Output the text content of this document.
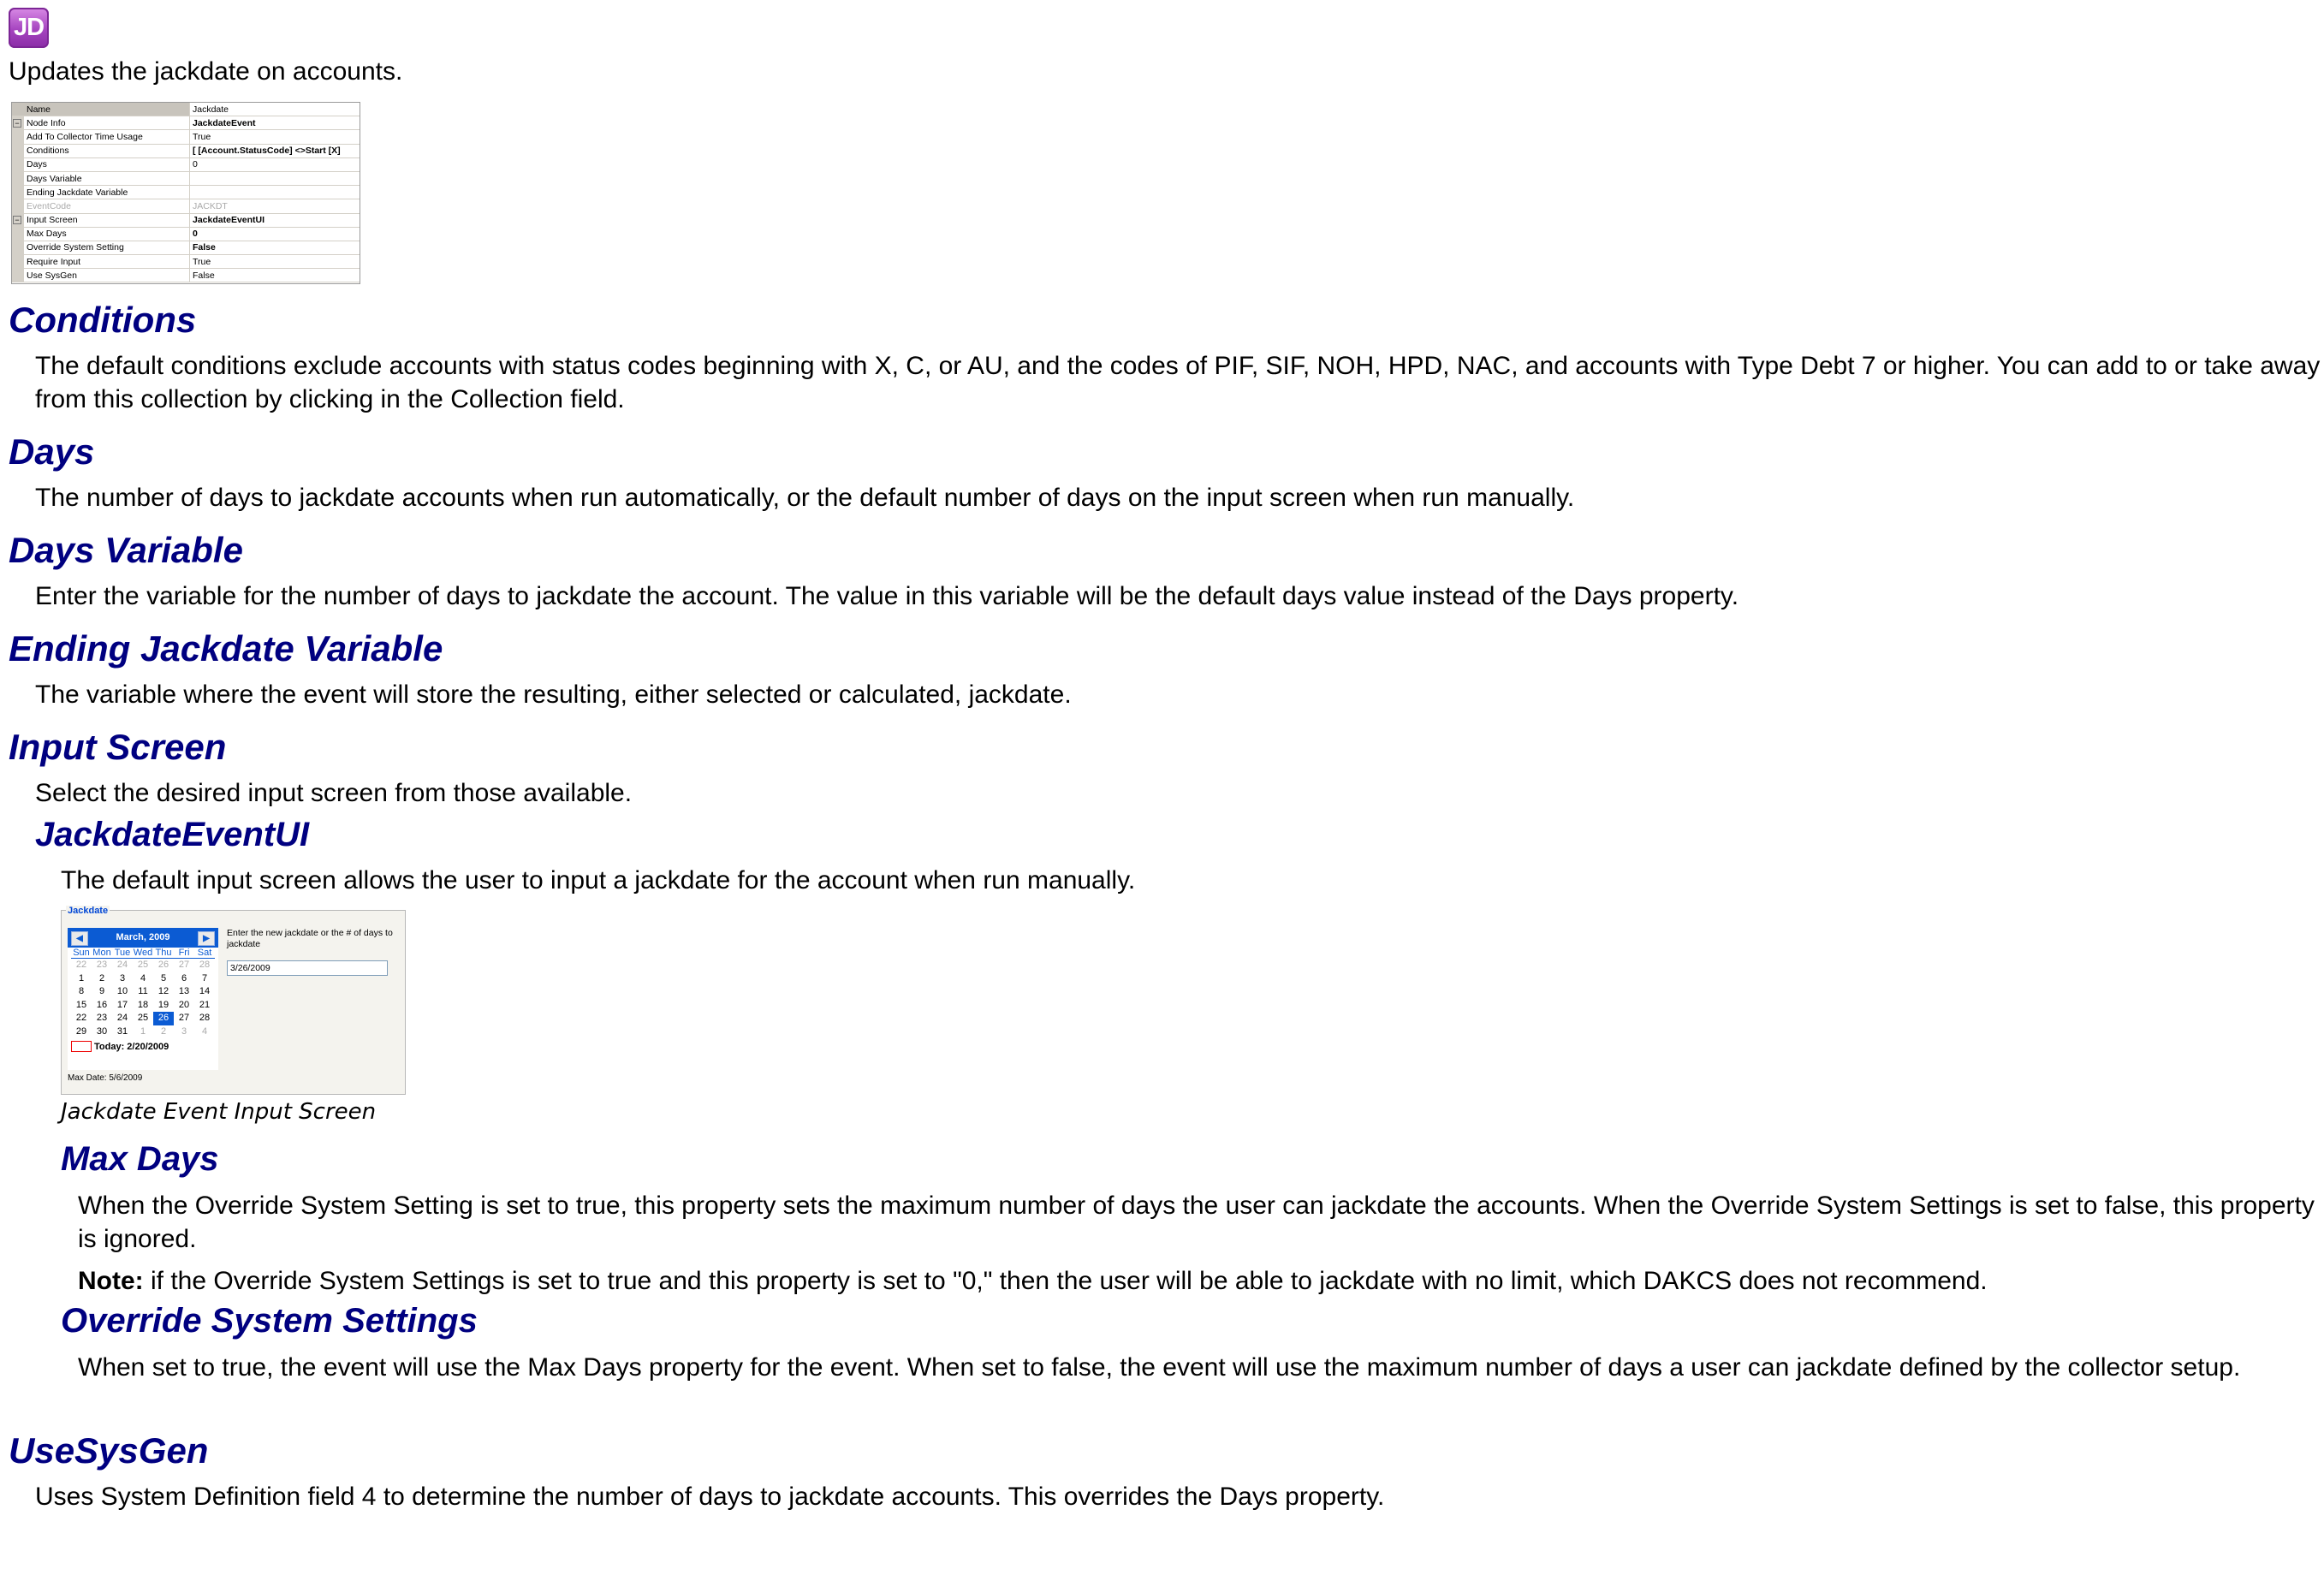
JD
Updates the jackdate on accounts.
	Name	Jackdate
−	Node Info	JackdateEvent
	Add To Collector Time Usage	True
	Conditions	[ [Account.StatusCode] <>Start [X]
	Days	0
	Days Variable	
	Ending Jackdate Variable	
	EventCode	JACKDT
−	Input Screen	JackdateEventUI
	Max Days	0
	Override System Setting	False
	Require Input	True
	Use SysGen	False
Conditions

The default conditions exclude accounts with status codes beginning with X, C, or AU, and the codes of PIF, SIF, NOH, HPD, NAC, and accounts with Type Debt 7 or higher. You can add to or take away from this collection by clicking in the Collection field.

Days

The number of days to jackdate accounts when run automatically, or the default number of days on the input screen when run manually.

Days Variable

Enter the variable for the number of days to jackdate the account. The value in this variable will be the default days value instead of the Days property.

Ending Jackdate Variable

The variable where the event will store the resulting, either selected or calculated, jackdate.

Input Screen

Select the desired input screen from those available.

JackdateEventUI

The default input screen allows the user to input a jackdate for the account when run manually.

Jackdate
◀	March, 2009	▶
Sun Mon Tue Wed Thu Fri Sat
22	23	24	25	26	27	28
1	2	3	4	5	6	7
8	9	10	11	12	13	14
15	16	17	18	19	20	21
22	23	24	25	26	27	28
29	30	31	1	2	3	4
Today: 2/20/2009
Enter the new jackdate or the # of days to jackdate
3/26/2009
Max Date: 5/6/2009
Jackdate Event Input Screen
Max Days

When the Override System Setting is set to true, this property sets the maximum number of days the user can jackdate the accounts. When the Override System Settings is set to false, this property is ignored.

Note: if the Override System Settings is set to true and this property is set to "0," then the user will be able to jackdate with no limit, which DAKCS does not recommend.

Override System Settings

When set to true, the event will use the Max Days property for the event. When set to false, the event will use the maximum number of days a user can jackdate defined by the collector setup.

UseSysGen

Uses System Definition field 4 to determine the number of days to jackdate accounts. This overrides the Days property.
